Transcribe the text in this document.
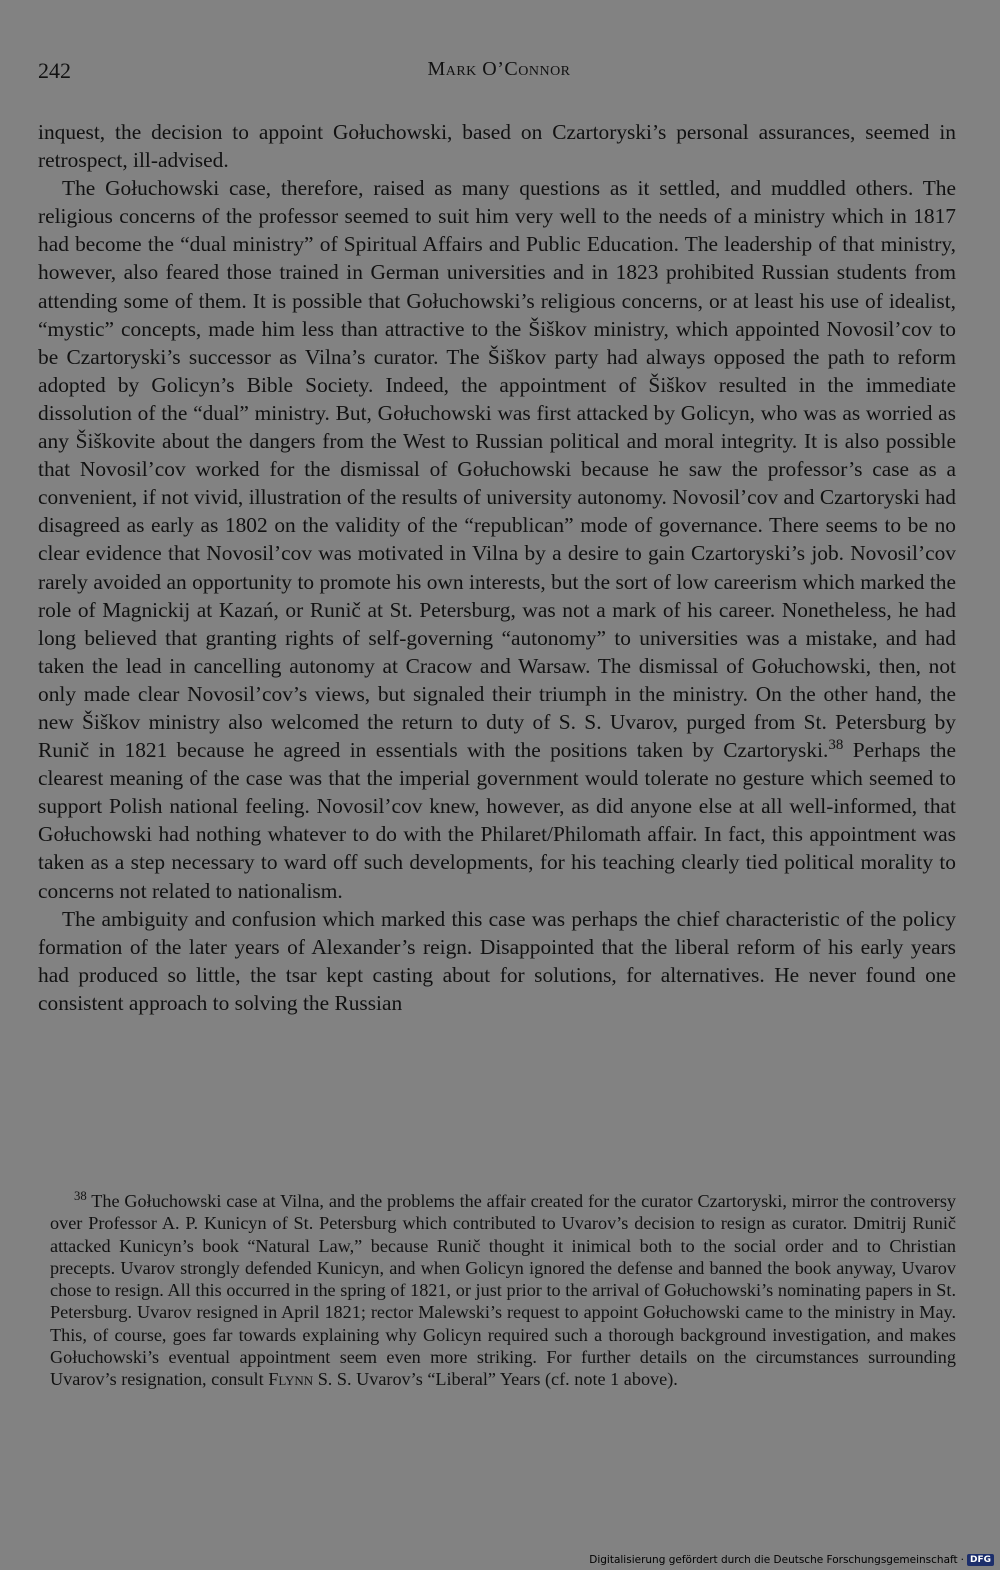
242	Mark O’Connor

inquest, the decision to appoint Gołuchowski, based on Czartoryski’s personal assurances, seemed in retrospect, ill-advised.

The Gołuchowski case, therefore, raised as many questions as it settled, and muddled others. The religious concerns of the professor seemed to suit him very well to the needs of a ministry which in 1817 had become the “dual ministry” of Spiritual Affairs and Public Education. The leadership of that ministry, however, also feared those trained in German universities and in 1823 prohibited Russian students from attending some of them. It is possible that Gołuchowski’s religious concerns, or at least his use of idealist, “mystic” concepts, made him less than attractive to the Šiškov ministry, which appointed Novosil’cov to be Czartoryski’s successor as Vilna’s curator. The Šiškov party had always opposed the path to reform adopted by Golicyn’s Bible Society. Indeed, the appointment of Šiškov resulted in the immediate dissolution of the “dual” ministry. But, Gołuchowski was first attacked by Golicyn, who was as worried as any Šiškovite about the dangers from the West to Russian political and moral integrity. It is also possible that Novosil’cov worked for the dismissal of Gołuchowski because he saw the professor’s case as a convenient, if not vivid, illustration of the results of university autonomy. Novosil’cov and Czartoryski had disagreed as early as 1802 on the validity of the “republican” mode of governance. There seems to be no clear evidence that Novosil’cov was motivated in Vilna by a desire to gain Czartoryski’s job. Novosil’cov rarely avoided an opportunity to promote his own interests, but the sort of low careerism which marked the role of Magnickij at Kazań, or Runič at St. Petersburg, was not a mark of his career. Nonetheless, he had long believed that granting rights of self-governing “autonomy” to universities was a mistake, and had taken the lead in cancelling autonomy at Cracow and Warsaw. The dismissal of Gołuchowski, then, not only made clear Novosil’cov’s views, but signaled their triumph in the ministry. On the other hand, the new Šiškov ministry also welcomed the return to duty of S. S. Uvarov, purged from St. Petersburg by Runič in 1821 because he agreed in essentials with the positions taken by Czartoryski.$^{38}$ Perhaps the clearest meaning of the case was that the imperial government would tolerate no gesture which seemed to support Polish national feeling. Novosil’cov knew, however, as did anyone else at all well-informed, that Gołuchowski had nothing whatever to do with the Philaret/Philomath affair. In fact, this appointment was taken as a step necessary to ward off such developments, for his teaching clearly tied political morality to concerns not related to nationalism.

The ambiguity and confusion which marked this case was perhaps the chief characteristic of the policy formation of the later years of Alexander’s reign. Disappointed that the liberal reform of his early years had produced so little, the tsar kept casting about for solutions, for alternatives. He never found one consistent approach to solving the Russian

$^{38}$ The Gołuchowski case at Vilna, and the problems the affair created for the curator Czartoryski, mirror the controversy over Professor A. P. Kunicyn of St. Petersburg which contributed to Uvarov’s decision to resign as curator. Dmitrij Runič attacked Kunicyn’s book “Natural Law,” because Runič thought it inimical both to the social order and to Christian precepts. Uvarov strongly defended Kunicyn, and when Golicyn ignored the defense and banned the book anyway, Uvarov chose to resign. All this occurred in the spring of 1821, or just prior to the arrival of Gołuchowski’s nominating papers in St. Petersburg. Uvarov resigned in April 1821; rector Malewski’s request to appoint Gołuchowski came to the ministry in May. This, of course, goes far towards explaining why Golicyn required such a thorough background investigation, and makes Gołuchowski’s eventual appointment seem even more striking. For further details on the circumstances surrounding Uvarov’s resignation, consult Flynn S. S. Uvarov’s “Liberal” Years (cf. note 1 above).
Digitalisierung gefördert durch die Deutsche Forschungsgemeinschaft · DFG
